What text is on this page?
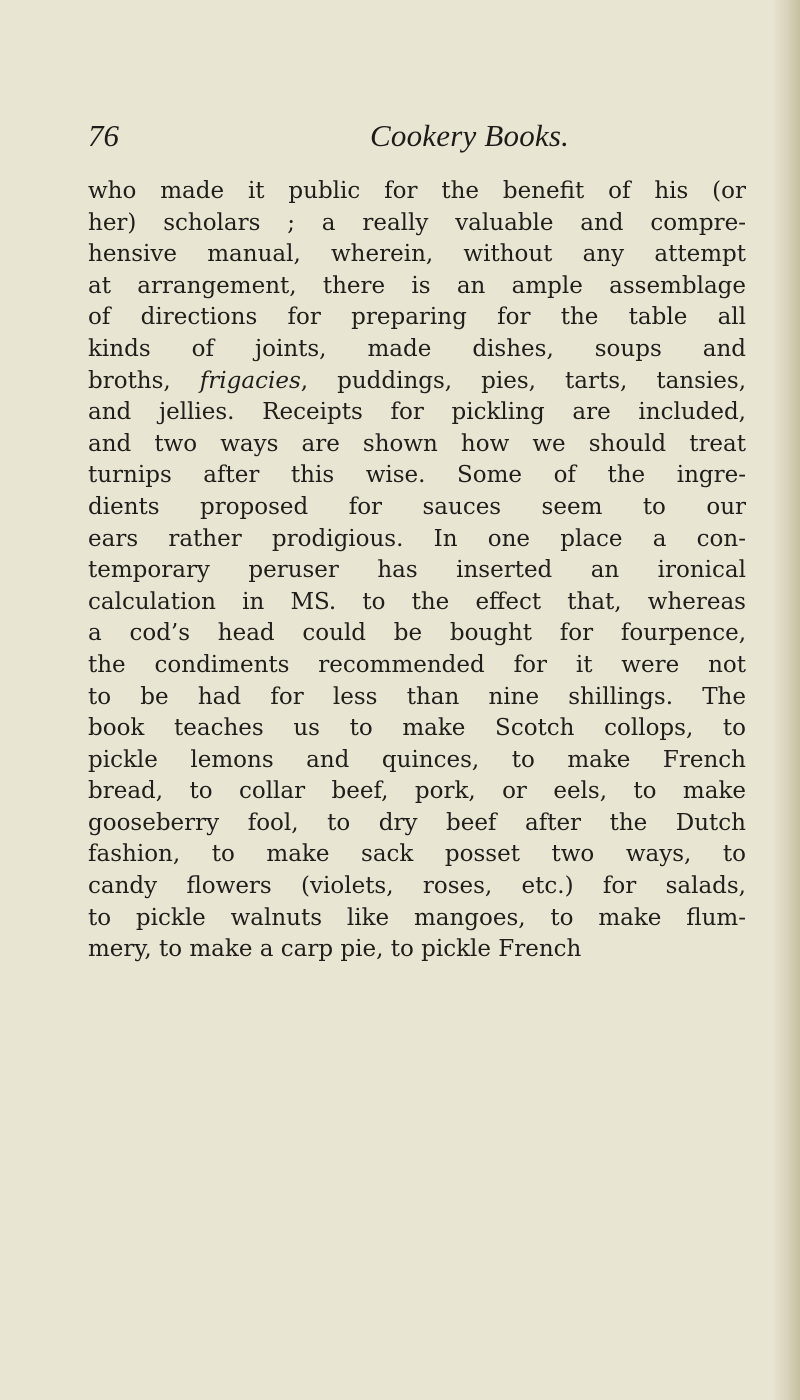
76	Cookery Books.
who made it public for the benefit of his (or
her) scholars ; a really valuable and compre-
hensive manual, wherein, without any attempt
at arrangement, there is an ample assemblage
of directions for preparing for the table all
kinds of joints, made dishes, soups and
broths, frigacies, puddings, pies, tarts, tansies,
and jellies. Receipts for pickling are included,
and two ways are shown how we should treat
turnips after this wise. Some of the ingre-
dients proposed for sauces seem to our
ears rather prodigious. In one place a con-
temporary peruser has inserted an ironical
calculation in MS. to the effect that, whereas
a cod’s head could be bought for fourpence,
the condiments recommended for it were not
to be had for less than nine shillings. The
book teaches us to make Scotch collops, to
pickle lemons and quinces, to make French
bread, to collar beef, pork, or eels, to make
gooseberry fool, to dry beef after the Dutch
fashion, to make sack posset two ways, to
candy flowers (violets, roses, etc.) for salads,
to pickle walnuts like mangoes, to make flum-
mery, to make a carp pie, to pickle French
